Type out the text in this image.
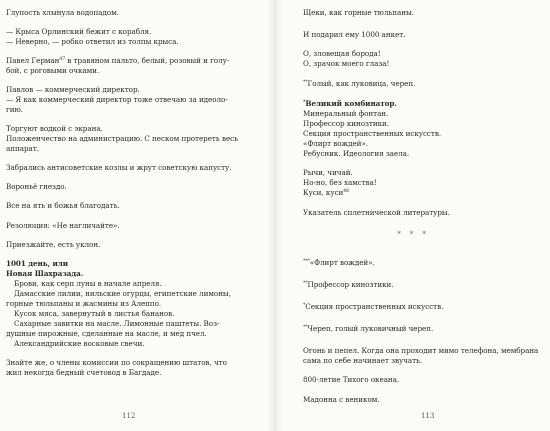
Глупость хлынула водопадом.
— Крыса Орлинский бежит с корабля.
— Неверно, — робко ответил из толпы крыса.
Павел Герман$^{47}$ в травяном пальто, белый, розовый и голу-
бой, с роговыми очками.
Павлов — коммерческий директор.
— Я как коммерческий директор тоже отвечаю за идеоло-
гию.
Торгуют водкой с экрана.
Положенчество на администрацию. С песком протереть весь
аппарат.
Забрались антисоветские козлы и жрут советскую капусту.
Вороньё гнездо.
Все на ять и божья благодать.
Резолюция: «Не нагличайте».
Приезжайте, есть уклон.
1001 день, или
Новая Шахразада.
Брови, как серп луны в начале апреля.
Дамасские лилии, нильские огурцы, египетские лимоны,
горные тюльпаны и жасмины из Алеппо.
Кусок мяса, завернутый в листья бананов.
Сахарные завитки на масле. Лимонные паштеты. Воз-
душные пирожные, сделанные на масле, и мед пчел.
Александрийские восковые свечи.
Знайте же, о члены комиссии по сокращению штатов, что
жил некогда бедный счетовод в Багдаде.
112
Щеки, как горные тюльпаны.
И подарил ему 1000 анкет.
О, зловещая борода!
О, зрачок моего глаза!
**Голый, как луковица, череп.
*Великий комбинатор.
Минеральный фонтан.
Профессор кинозтики.
Секция пространственных искусств.
«Флирт вождей».
Ребусник. Идеология заела.
Рычи, чичай.
Но-но, без хамства!
Куси, куси$^{48}$
Указатель сплетнической литературы.
* * *
***«Флирт вождей».
**Профессор кинозтики.
*Секция пространственных искусств.
**Череп, голый луковичный череп.
Огонь и пепел. Когда она проходит мимо телефона, мембрана
сама по себе начинает звучать.
800-летие Тихого океана.
Мадонна с веником.
113
